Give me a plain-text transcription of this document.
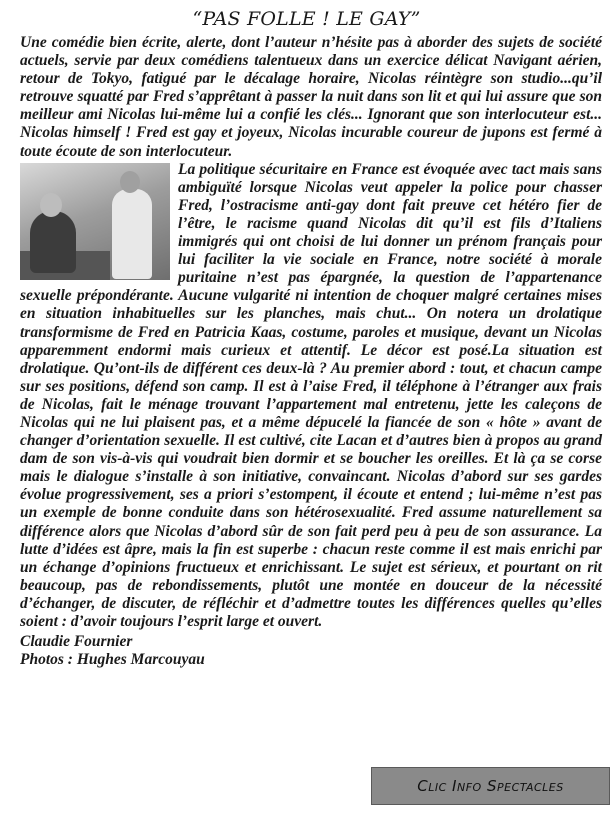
“PAS FOLLE ! LE GAY”
Une comédie bien écrite, alerte, dont l’auteur n’hésite pas à aborder des sujets de société actuels, servie par deux comédiens talentueux dans un exercice délicat Navigant aérien, retour de Tokyo, fatigué par le décalage horaire, Nicolas réintègre son studio...qu’il retrouve squatté par Fred s’apprêtant à passer la nuit dans son lit et qui lui assure que son meilleur ami Nicolas lui-même lui a confié les clés... Ignorant que son interlocuteur est... Nicolas himself ! Fred est gay et joyeux, Nicolas incurable coureur de jupons est fermé à toute écoute de son interlocuteur.

La politique sécuritaire en France est évoquée avec tact mais sans ambiguïté lorsque Nicolas veut appeler la police pour chasser Fred, l’ostracisme anti-gay dont fait preuve cet hétéro fier de l’être, le racisme quand Nicolas dit qu’il est fils d’Italiens immigrés qui ont choisi de lui donner un prénom français pour lui faciliter la vie sociale en France, notre société à morale puritaine n’est pas épargnée, la question de l’appartenance sexuelle prépondérante. Aucune vulgarité ni intention de choquer malgré certaines mises en situation inhabituelles sur les planches, mais chut... On notera un drolatique transformisme de Fred en Patricia Kaas, costume, paroles et musique, devant un Nicolas apparemment endormi mais curieux et attentif. Le décor est posé.La situation est drolatique. Qu’ont-ils de différent ces deux-là ? Au premier abord : tout, et chacun campe sur ses positions, défend son camp. Il est à l’aise Fred, il téléphone à l’étranger aux frais de Nicolas, fait le ménage trouvant l’appartement mal entretenu, jette les caleçons de Nicolas qui ne lui plaisent pas, et a même dépucelé la fiancée de son « hôte » avant de changer d’orientation sexuelle. Il est cultivé, cite Lacan et d’autres bien à propos au grand dam de son vis-à-vis qui voudrait bien dormir et se boucher les oreilles. Et là ça se corse mais le dialogue s’installe à son initiative, convaincant. Nicolas d’abord sur ses gardes évolue progressivement, ses a priori s’estompent, il écoute et entend ; lui-même n’est pas un exemple de bonne conduite dans son hétérosexualité. Fred assume naturellement sa différence alors que Nicolas d’abord sûr de son fait perd peu à peu de son assurance. La lutte d’idées est âpre, mais la fin est superbe : chacun reste comme il est mais enrichi par un échange d’opinions fructueux et enrichissant. Le sujet est sérieux, et pourtant on rit beaucoup, pas de rebondissements, plutôt une montée en douceur de la nécessité d’échanger, de discuter, de réfléchir et d’admettre toutes les différences quelles qu’elles soient : d’avoir toujours l’esprit large et ouvert.
Claudie Fournier
Photos : Hughes Marcouyau
Clic Info Spectacles
